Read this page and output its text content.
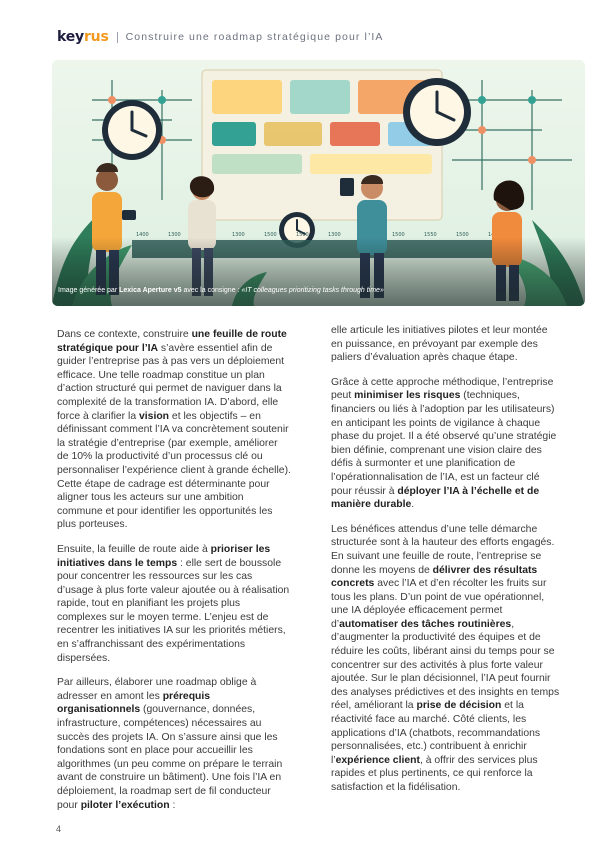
keyrus Construire une roadmap stratégique pour l’IA
Image générée par Lexica Aperture v5 avec la consigne : «IT colleagues prioritizing tasks through time»

Dans ce contexte, construire une feuille de route stratégique pour l’IA s’avère essentiel afin de guider l’entreprise pas à pas vers un déploiement efficace. Une telle roadmap constitue un plan d’action structuré qui permet de naviguer dans la complexité de la transformation IA. D’abord, elle force à clarifier la vision et les objectifs – en définissant comment l’IA va concrètement soutenir la stratégie d’entreprise (par exemple, améliorer de 10% la productivité d’un processus clé ou personnaliser l’expérience client à grande échelle). Cette étape de cadrage est déterminante pour aligner tous les acteurs sur une ambition commune et pour identifier les opportunités les plus porteuses.

Ensuite, la feuille de route aide à prioriser les initiatives dans le temps : elle sert de boussole pour concentrer les ressources sur les cas d’usage à plus forte valeur ajoutée ou à réalisation rapide, tout en planifiant les projets plus complexes sur le moyen terme. L’enjeu est de recentrer les initiatives IA sur les priorités métiers, en s’affranchissant des expérimentations dispersées.

Par ailleurs, élaborer une roadmap oblige à adresser en amont les prérequis organisationnels (gouvernance, données, infrastructure, compétences) nécessaires au succès des projets IA. On s’assure ainsi que les fondations sont en place pour accueillir les algorithmes (un peu comme on prépare le terrain avant de construire un bâtiment). Une fois l’IA en déploiement, la roadmap sert de fil conducteur pour piloter l’exécution :

elle articule les initiatives pilotes et leur montée en puissance, en prévoyant par exemple des paliers d’évaluation après chaque étape.

Grâce à cette approche méthodique, l’entreprise peut minimiser les risques (techniques, financiers ou liés à l’adoption par les utilisateurs) en anticipant les points de vigilance à chaque phase du projet. Il a été observé qu’une stratégie bien définie, comprenant une vision claire des défis à surmonter et une planification de l’opérationnalisation de l’IA, est un facteur clé pour réussir à déployer l’IA à l’échelle et de manière durable.

Les bénéfices attendus d’une telle démarche structurée sont à la hauteur des efforts engagés. En suivant une feuille de route, l’entreprise se donne les moyens de délivrer des résultats concrets avec l’IA et d’en récolter les fruits sur tous les plans. D’un point de vue opérationnel, une IA déployée efficacement permet d’automatiser des tâches routinières, d’augmenter la productivité des équipes et de réduire les coûts, libérant ainsi du temps pour se concentrer sur des activités à plus forte valeur ajoutée. Sur le plan décisionnel, l’IA peut fournir des analyses prédictives et des insights en temps réel, améliorant la prise de décision et la réactivité face au marché. Côté clients, les applications d’IA (chatbots, recommandations personnalisées, etc.) contribuent à enrichir l’expérience client, à offrir des services plus rapides et plus pertinents, ce qui renforce la satisfaction et la fidélisation.

4
